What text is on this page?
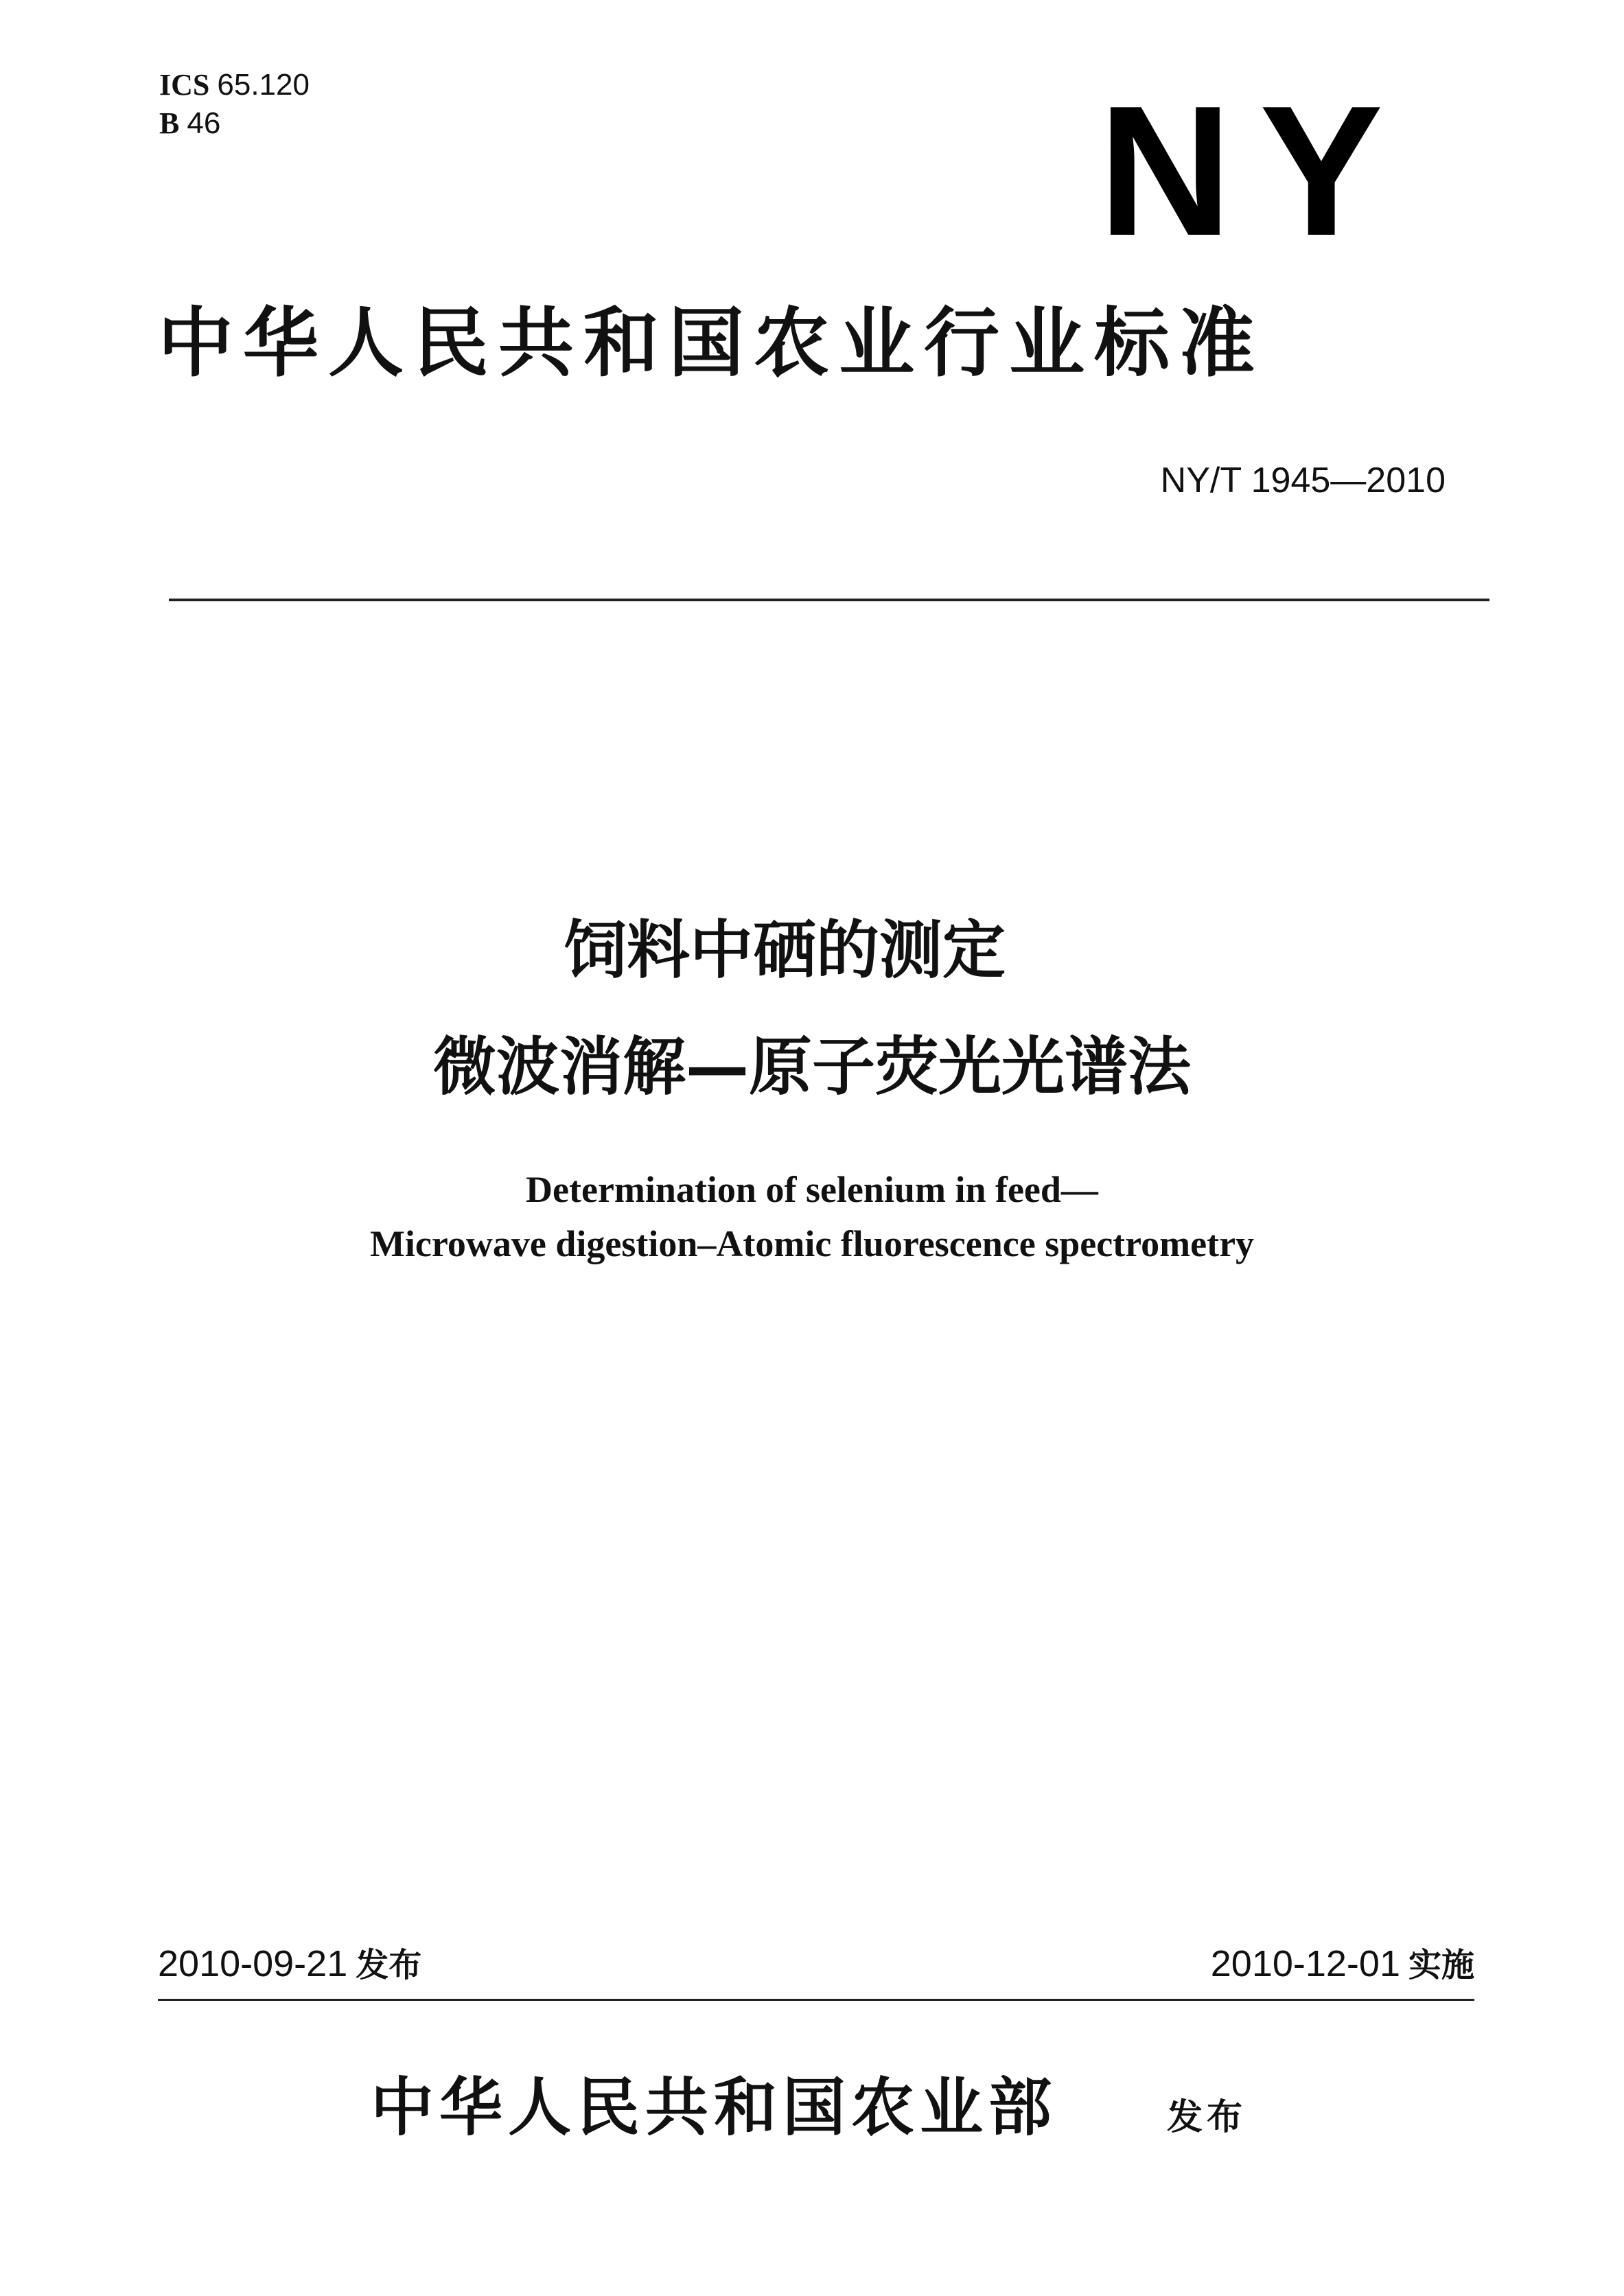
ICS 65.120
B 46	NY
中华人民共和国农业行业标准
NY/T 1945—2010
饲料中硒的测定
微波消解—原子荧光光谱法
Determination of selenium in feed—
Microwave digestion–Atomic fluorescence spectrometry
2010-09-21 发布	2010-12-01 实施
中华人民共和国农业部	发布
